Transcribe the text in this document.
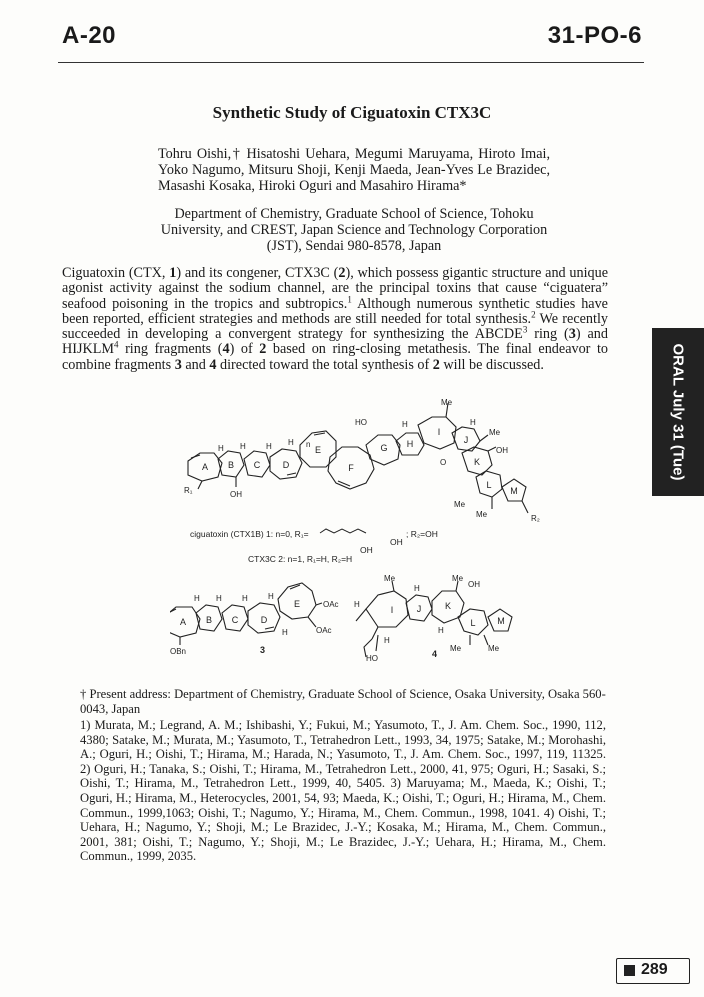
A-20	31-PO-6
Synthetic Study of Ciguatoxin CTX3C
Tohru Oishi,† Hisatoshi Uehara, Megumi Maruyama, Hiroto Imai, Yoko Nagumo, Mitsuru Shoji, Kenji Maeda, Jean-Yves Le Brazidec, Masashi Kosaka, Hiroki Oguri and Masahiro Hirama*
Department of Chemistry, Graduate School of Science, Tohoku University, and CREST, Japan Science and Technology Corporation (JST), Sendai 980-8578, Japan

Ciguatoxin (CTX, 1) and its congener, CTX3C (2), which possess gigantic structure and unique agonist activity against the sodium channel, are the principal toxins that cause “ciguatera” seafood poisoning in the tropics and subtropics.$^1$ Although numerous synthetic studies have been reported, efficient strategies and methods are still needed for total synthesis.$^2$ We recently succeeded in developing a convergent strategy for synthesizing the ABCDE$^3$ ring (3) and HIJKLM$^4$ ring fragments (4) of 2 based on ring-closing metathesis. The final endeavor to combine fragments 3 and 4 directed toward the total synthesis of 2 will be discussed.	ORAL July 31 (Tue)
A B C	D
E
F
G H
I
J
K
L
M
Me
HO
Me
OH
R₁	OH
R₂
Me
Me
n
H H	H H
H	H
O
ciguatoxin (CTX1B) 1: n=0, R₁=
OH
; R₂=OH
CTX3C 2: n=1, R₁=H, R₂=H
OH
A B C	D
E	OAc
OAc
OBn
H H	H	H
H
3
I	J	K
L M
Me	Me
OH
HO
Me	Me
H
H
H
H
4
† Present address: Department of Chemistry, Graduate School of Science, Osaka University, Osaka 560-0043, Japan
1) Murata, M.; Legrand, A. M.; Ishibashi, Y.; Fukui, M.; Yasumoto, T., J. Am. Chem. Soc., 1990, 112, 4380; Satake, M.; Murata, M.; Yasumoto, T., Tetrahedron Lett., 1993, 34, 1975; Satake, M.; Morohashi, A.; Oguri, H.; Oishi, T.; Hirama, M.; Harada, N.; Yasumoto, T., J. Am. Chem. Soc., 1997, 119, 11325. 2) Oguri, H.; Tanaka, S.; Oishi, T.; Hirama, M., Tetrahedron Lett., 2000, 41, 975; Oguri, H.; Sasaki, S.; Oishi, T.; Hirama, M., Tetrahedron Lett., 1999, 40, 5405. 3) Maruyama; M., Maeda, K.; Oishi, T.; Oguri, H.; Hirama, M., Heterocycles, 2001, 54, 93; Maeda, K.; Oishi, T.; Oguri, H.; Hirama, M., Chem. Commun., 1999,1063; Oishi, T.; Nagumo, Y.; Hirama, M., Chem. Commun., 1998, 1041. 4) Oishi, T.; Uehara, H.; Nagumo, Y.; Shoji, M.; Le Brazidec, J.-Y.; Kosaka, M.; Hirama, M., Chem. Commun., 2001, 381; Oishi, T.; Nagumo, Y.; Shoji, M.; Le Brazidec, J.-Y.; Uehara, H.; Hirama, M., Chem. Commun., 1999, 2035.
289
